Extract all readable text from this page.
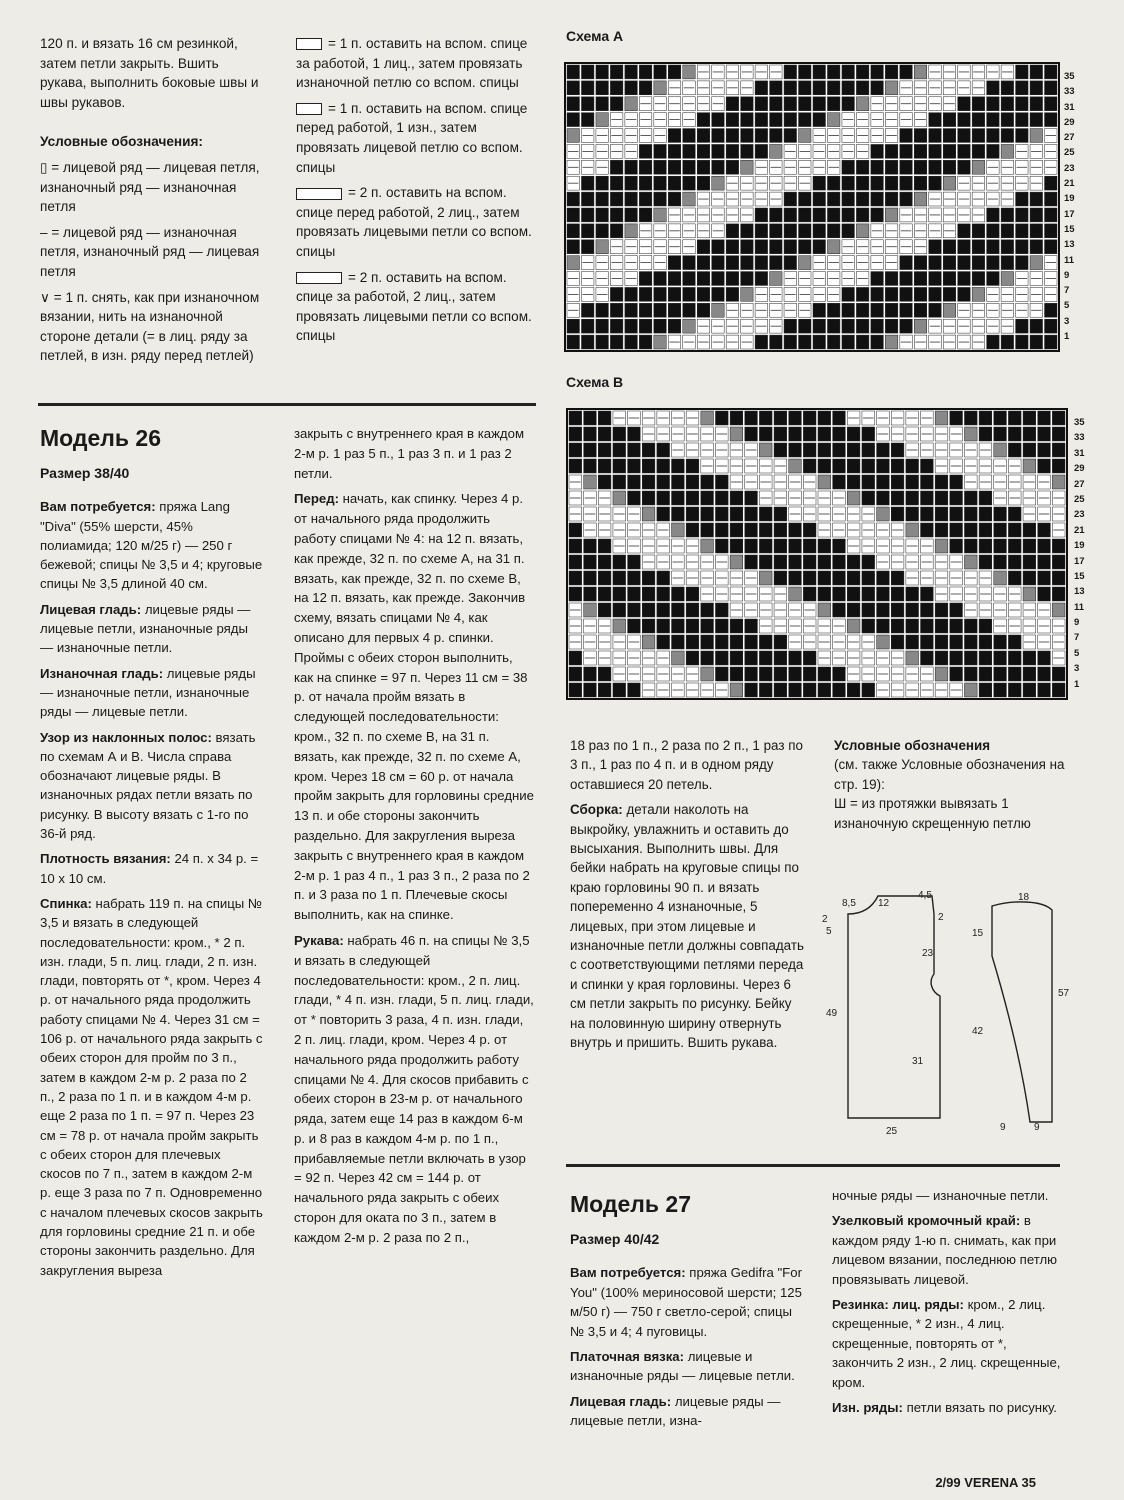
120 п. и вязать 16 см резинкой, затем петли закрыть. Вшить рукава, выполнить боковые швы и швы рукавов.

Условные обозначения:

▯ = лицевой ряд — лицевая петля, изнаночный ряд — изнаночная петля

– = лицевой ряд — изнаночная петля, изнаночный ряд — лицевая петля

∨ = 1 п. снять, как при изнаночном вязании, нить на изнаночной стороне детали (= в лиц. ряду за петлей, в изн. ряду перед петлей)

= 1 п. оставить на вспом. спице за работой, 1 лиц., затем провязать изнаночной петлю со вспом. спицы

= 1 п. оставить на вспом. спице перед работой, 1 изн., затем провязать лицевой петлю со вспом. спицы

= 2 п. оставить на вспом. спице перед работой, 2 лиц., затем провязать лицевыми петли со вспом. спицы

= 2 п. оставить на вспом. спице за работой, 2 лиц., затем провязать лицевыми петли со вспом. спицы

Схема А
35
33
31
29
27
25
23
21
19
17
15
13
11
9
7
5
3
1
Схема В
35
33
31
29
27
25
23
21
19
17
15
13
11
9
7
5
3
1
Модель 26
Размер 38/40

Вам потребуется: пряжа Lang "Diva" (55% шерсти, 45% полиамида; 120 м/25 г) — 250 г бежевой; спицы № 3,5 и 4; круговые спицы № 3,5 длиной 40 см.

Лицевая гладь: лицевые ряды — лицевые петли, изнаночные ряды — изнаночные петли.

Изнаночная гладь: лицевые ряды — изнаночные петли, изнаночные ряды — лицевые петли.

Узор из наклонных полос: вязать по схемам А и В. Числа справа обозначают лицевые ряды. В изнаночных рядах петли вязать по рисунку. В высоту вязать с 1-го по 36-й ряд.

Плотность вязания: 24 п. х 34 р. = 10 х 10 см.

Спинка: набрать 119 п. на спицы № 3,5 и вязать в следующей последовательности: кром., * 2 п. изн. глади, 5 п. лиц. глади, 2 п. изн. глади, повторять от *, кром. Через 4 р. от начального ряда продолжить работу спицами № 4. Через 31 см = 106 р. от начального ряда закрыть с обеих сторон для пройм по 3 п., затем в каждом 2-м р. 2 раза по 2 п., 2 раза по 1 п. и в каждом 4-м р. еще 2 раза по 1 п. = 97 п. Через 23 см = 78 р. от начала пройм закрыть с обеих сторон для плечевых скосов по 7 п., затем в каждом 2-м р. еще 3 раза по 7 п. Одновременно с началом плечевых скосов закрыть для горловины средние 21 п. и обе стороны закончить раздельно. Для закругления выреза

закрыть с внутреннего края в каждом 2-м р. 1 раз 5 п., 1 раз 3 п. и 1 раз 2 петли.

Перед: начать, как спинку. Через 4 р. от начального ряда продолжить работу спицами № 4: на 12 п. вязать, как прежде, 32 п. по схеме А, на 31 п. вязать, как прежде, 32 п. по схеме В, на 12 п. вязать, как прежде. Закончив схему, вязать спицами № 4, как описано для первых 4 р. спинки. Проймы с обеих сторон выполнить, как на спинке = 97 п. Через 11 см = 38 р. от начала пройм вязать в следующей последовательности: кром., 32 п. по схеме В, на 31 п. вязать, как прежде, 32 п. по схеме А, кром. Через 18 см = 60 р. от начала пройм закрыть для горловины средние 13 п. и обе стороны закончить раздельно. Для закругления выреза закрыть с внутреннего края в каждом 2-м р. 1 раз 4 п., 1 раз 3 п., 2 раза по 2 п. и 3 раза по 1 п. Плечевые скосы выполнить, как на спинке.

Рукава: набрать 46 п. на спицы № 3,5 и вязать в следующей последовательности: кром., 2 п. лиц. глади, * 4 п. изн. глади, 5 п. лиц. глади, от * повторить 3 раза, 4 п. изн. глади, 2 п. лиц. глади, кром. Через 4 р. от начального ряда продолжить работу спицами № 4. Для скосов прибавить с обеих сторон в 23-м р. от начального ряда, затем еще 14 раз в каждом 6-м р. и 8 раз в каждом 4-м р. по 1 п., прибавляемые петли включать в узор = 92 п. Через 42 см = 144 р. от начального ряда закрыть с обеих сторон для оката по 3 п., затем в каждом 2-м р. 2 раза по 2 п.,

18 раз по 1 п., 2 раза по 2 п., 1 раз по 3 п., 1 раз по 4 п. и в одном ряду оставшиеся 20 петель.

Сборка: детали наколоть на выкройку, увлажнить и оставить до высыхания. Выполнить швы. Для бейки набрать на круговые спицы по краю горловины 90 п. и вязать попеременно 4 изнаночные, 5 лицевых, при этом лицевые и изнаночные петли должны совпадать с соответствующими петлями переда и спинки у края горловины. Через 6 см петли закрыть по рисунку. Бейку на половинную ширину отвернуть внутрь и пришить. Вшить рукава.

Условные обозначения

(см. также Условные обозначения на стр. 19):

Ш = из протяжки вывязать 1 изнаночную скрещенную петлю

8,5 12
4,5
2
5
23
49
31
15
42
57
25
18
9	9
2
Модель 27
Размер 40/42

Вам потребуется: пряжа Gedifra "For You" (100% мериносовой шерсти; 125 м/50 г) — 750 г светло-серой; спицы № 3,5 и 4; 4 пуговицы.

Платочная вязка: лицевые и изнаночные ряды — лицевые петли.

Лицевая гладь: лицевые ряды — лицевые петли, изна-

ночные ряды — изнаночные петли.

Узелковый кромочный край: в каждом ряду 1-ю п. снимать, как при лицевом вязании, последнюю петлю провязывать лицевой.

Резинка: лиц. ряды: кром., 2 лиц. скрещенные, * 2 изн., 4 лиц. скрещенные, повторять от *, закончить 2 изн., 2 лиц. скрещенные, кром.

Изн. ряды: петли вязать по рисунку.

2/99 VERENA 35
